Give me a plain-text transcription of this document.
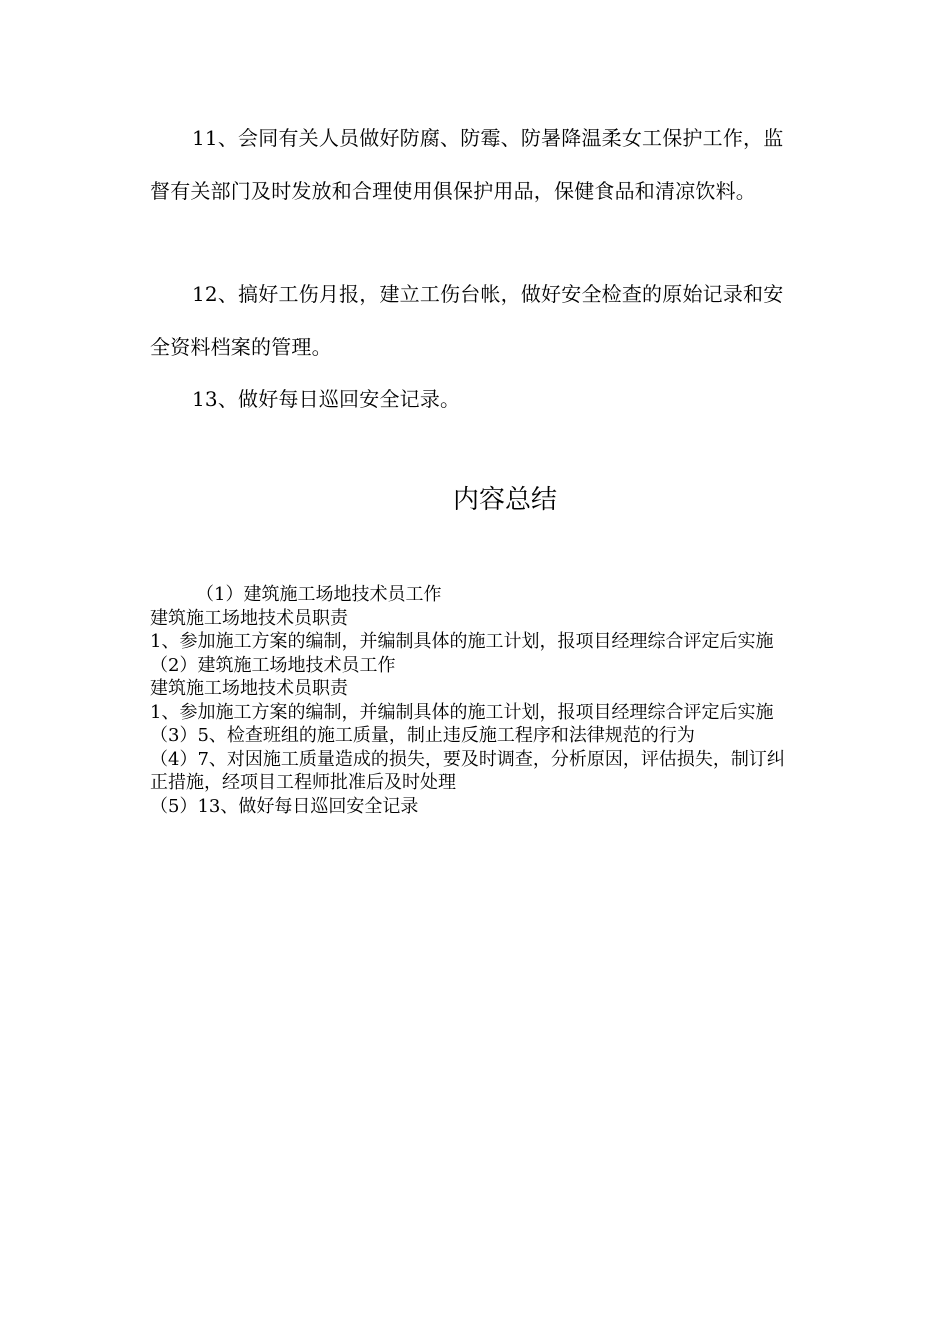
11、会同有关人员做好防腐、防霉、防暑降温柔女工保护工作，监督有关部门及时发放和合理使用俱保护用品，保健食品和清凉饮料。

12、搞好工伤月报，建立工伤台帐，做好安全检查的原始记录和安全资料档案的管理。

13、做好每日巡回安全记录。

内容总结
（1）建筑施工场地技术员工作
建筑施工场地技术员职责
1、参加施工方案的编制，并编制具体的施工计划，报项目经理综合评定后实施
（2）建筑施工场地技术员工作
建筑施工场地技术员职责
1、参加施工方案的编制，并编制具体的施工计划，报项目经理综合评定后实施
（3）5、检查班组的施工质量，制止违反施工程序和法律规范的行为
（4）7、对因施工质量造成的损失，要及时调查，分析原因，评估损失，制订纠正措施，经项目工程师批准后及时处理
（5）13、做好每日巡回安全记录
